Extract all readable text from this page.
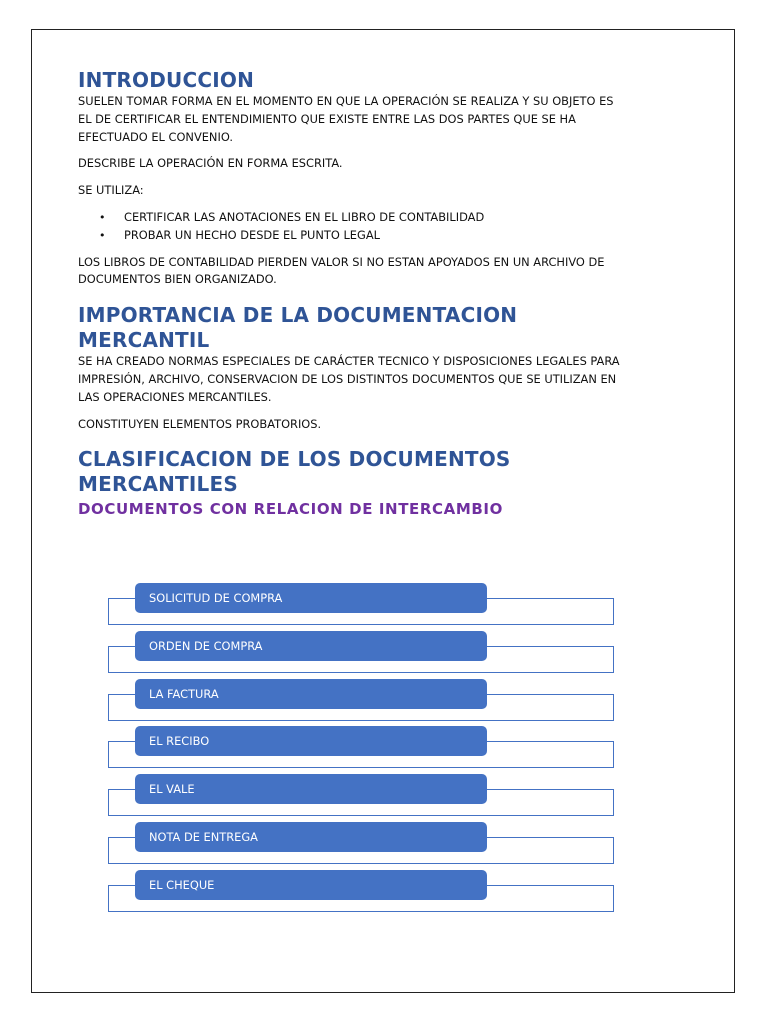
INTRODUCCION

SUELEN TOMAR FORMA EN EL MOMENTO EN QUE LA OPERACIÓN SE REALIZA Y SU OBJETO ES EL DE CERTIFICAR EL ENTENDIMIENTO QUE EXISTE ENTRE LAS DOS PARTES QUE SE HA EFECTUADO EL CONVENIO.

DESCRIBE LA OPERACIÓN EN FORMA ESCRITA.

SE UTILIZA:

• CERTIFICAR LAS ANOTACIONES EN EL LIBRO DE CONTABILIDAD
• PROBAR UN HECHO DESDE EL PUNTO LEGAL

LOS LIBROS DE CONTABILIDAD PIERDEN VALOR SI NO ESTAN APOYADOS EN UN ARCHIVO DE DOCUMENTOS BIEN ORGANIZADO.

IMPORTANCIA DE LA DOCUMENTACION MERCANTIL

SE HA CREADO NORMAS ESPECIALES DE CARÁCTER TECNICO Y DISPOSICIONES LEGALES PARA IMPRESIÓN, ARCHIVO, CONSERVACION DE LOS DISTINTOS DOCUMENTOS QUE SE UTILIZAN EN LAS OPERACIONES MERCANTILES.

CONSTITUYEN ELEMENTOS PROBATORIOS.

CLASIFICACION DE LOS DOCUMENTOS MERCANTILES
DOCUMENTOS CON RELACION DE INTERCAMBIO
SOLICITUD DE COMPRA
ORDEN DE COMPRA
LA FACTURA
EL RECIBO
EL VALE
NOTA DE ENTREGA
EL CHEQUE
